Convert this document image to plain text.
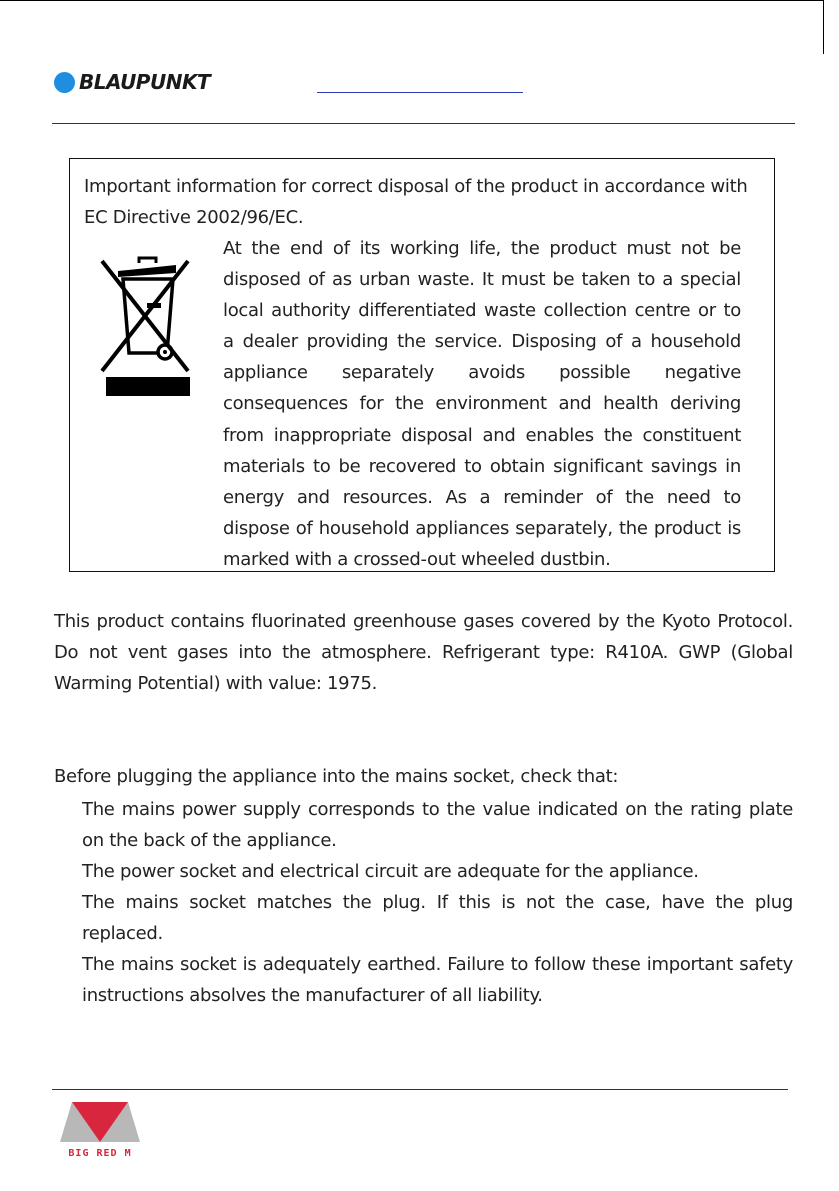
BLAUPUNKT
Important information for correct disposal of the product in accordance with EC Directive 2002/96/EC.
At the end of its working life, the product must not be disposed of as urban waste. It must be taken to a special local authority differentiated waste collection centre or to a dealer providing the service. Disposing of a household appliance separately avoids possible negative consequences for the environment and health deriving from inappropriate disposal and enables the constituent materials to be recovered to obtain significant savings in energy and resources. As a reminder of the need to dispose of household appliances separately, the product is marked with a crossed-out wheeled dustbin.
This product contains fluorinated greenhouse gases covered by the Kyoto Protocol. Do not vent gases into the atmosphere. Refrigerant type: R410A. GWP (Global Warming Potential) with value: 1975.
Before plugging the appliance into the mains socket, check that:
The mains power supply corresponds to the value indicated on the rating plate on the back of the appliance.
The power socket and electrical circuit are adequate for the appliance.
The mains socket matches the plug. If this is not the case, have the plug replaced.
The mains socket is adequately earthed. Failure to follow these important safety instructions absolves the manufacturer of all liability.
BIG RED M
